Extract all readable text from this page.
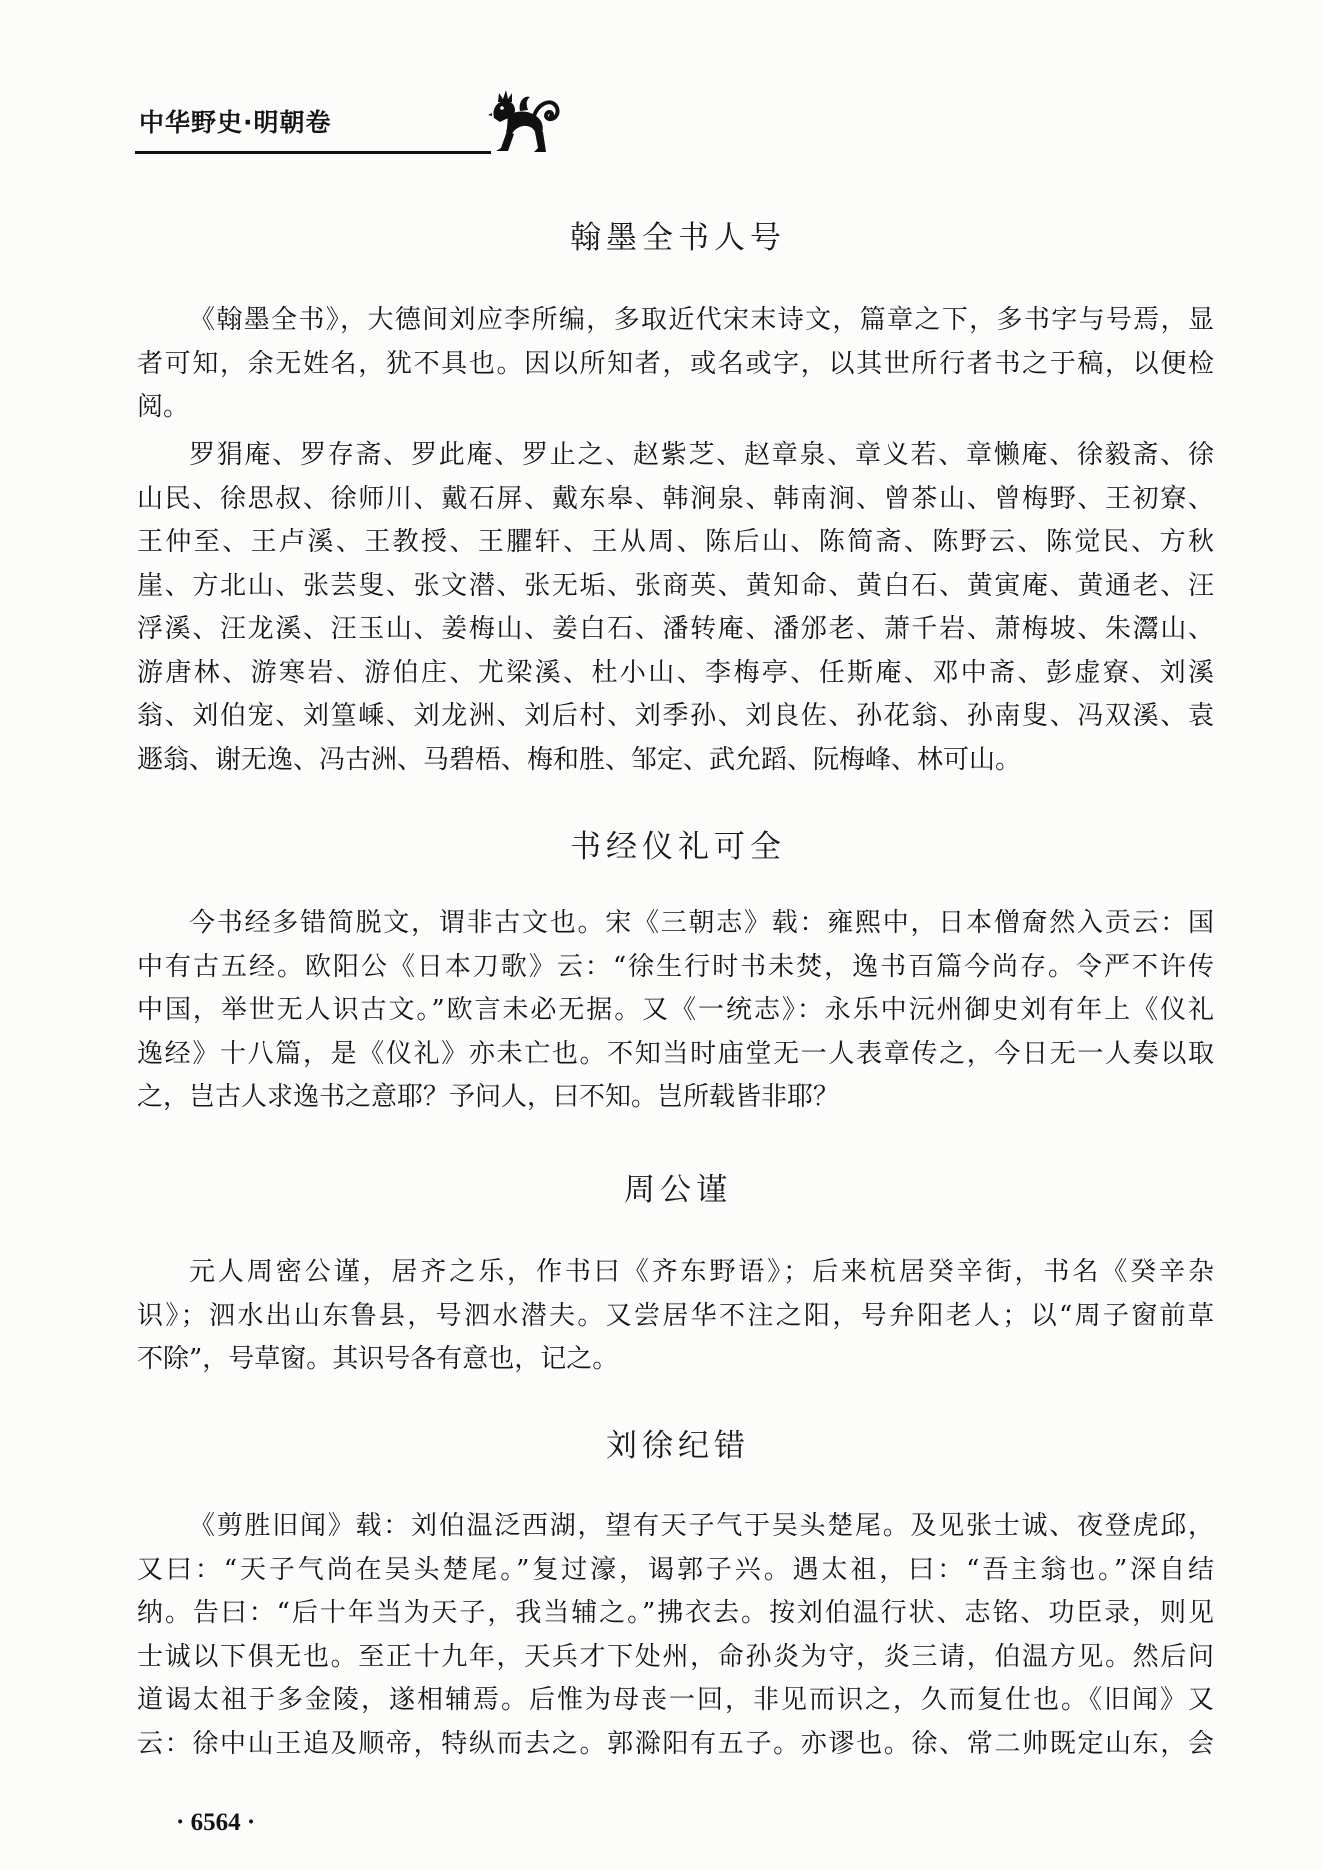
中华野史·明朝卷
翰墨全书人号
《翰墨全书》，大德间刘应李所编，多取近代宋末诗文，篇章之下，多书字与号焉，显
者可知，余无姓名，犹不具也。因以所知者，或名或字，以其世所行者书之于稿，以便检
阅。
罗狷庵、罗存斋、罗此庵、罗止之、赵紫芝、赵章泉、章义若、章懒庵、徐毅斋、徐
山民、徐思叔、徐师川、戴石屏、戴东皋、韩涧泉、韩南涧、曾茶山、曾梅野、王初寮、
王仲至、王卢溪、王教授、王臞轩、王从周、陈后山、陈简斋、陈野云、陈觉民、方秋
崖、方北山、张芸叟、张文潜、张无垢、张商英、黄知命、黄白石、黄寅庵、黄通老、汪
浮溪、汪龙溪、汪玉山、姜梅山、姜白石、潘转庵、潘邠老、萧千岩、萧梅坡、朱灊山、
游唐林、游寒岩、游伯庄、尤梁溪、杜小山、李梅亭、任斯庵、邓中斋、彭虚寮、刘溪
翁、刘伯宠、刘篁嵊、刘龙洲、刘后村、刘季孙、刘良佐、孙花翁、孙南叟、冯双溪、袁
遯翁、谢无逸、冯古洲、马碧梧、梅和胜、邹定、武允蹈、阮梅峰、林可山。
书经仪礼可全
今书经多错简脱文，谓非古文也。宋《三朝志》载：雍熙中，日本僧奝然入贡云：国
中有古五经。欧阳公《日本刀歌》云：“徐生行时书未焚，逸书百篇今尚存。令严不许传
中国，举世无人识古文。”欧言未必无据。又《一统志》：永乐中沅州御史刘有年上《仪礼
逸经》十八篇，是《仪礼》亦未亡也。不知当时庙堂无一人表章传之，今日无一人奏以取
之，岂古人求逸书之意耶？予问人，曰不知。岂所载皆非耶？
周公谨
元人周密公谨，居齐之乐，作书曰《齐东野语》；后来杭居癸辛街，书名《癸辛杂
识》；泗水出山东鲁县，号泗水潜夫。又尝居华不注之阳，号弁阳老人；以“周子窗前草
不除”，号草窗。其识号各有意也，记之。
刘徐纪错
《剪胜旧闻》载：刘伯温泛西湖，望有天子气于吴头楚尾。及见张士诚、夜登虎邱，
又曰：“天子气尚在吴头楚尾。”复过濠，谒郭子兴。遇太祖，曰：“吾主翁也。”深自结
纳。告曰：“后十年当为天子，我当辅之。”拂衣去。按刘伯温行状、志铭、功臣录，则见
士诚以下俱无也。至正十九年，天兵才下处州，命孙炎为守，炎三请，伯温方见。然后问
道谒太祖于多金陵，遂相辅焉。后惟为母丧一回，非见而识之，久而复仕也。《旧闻》又
云：徐中山王追及顺帝，特纵而去之。郭滁阳有五子。亦谬也。徐、常二帅既定山东，会
· 6564 ·
